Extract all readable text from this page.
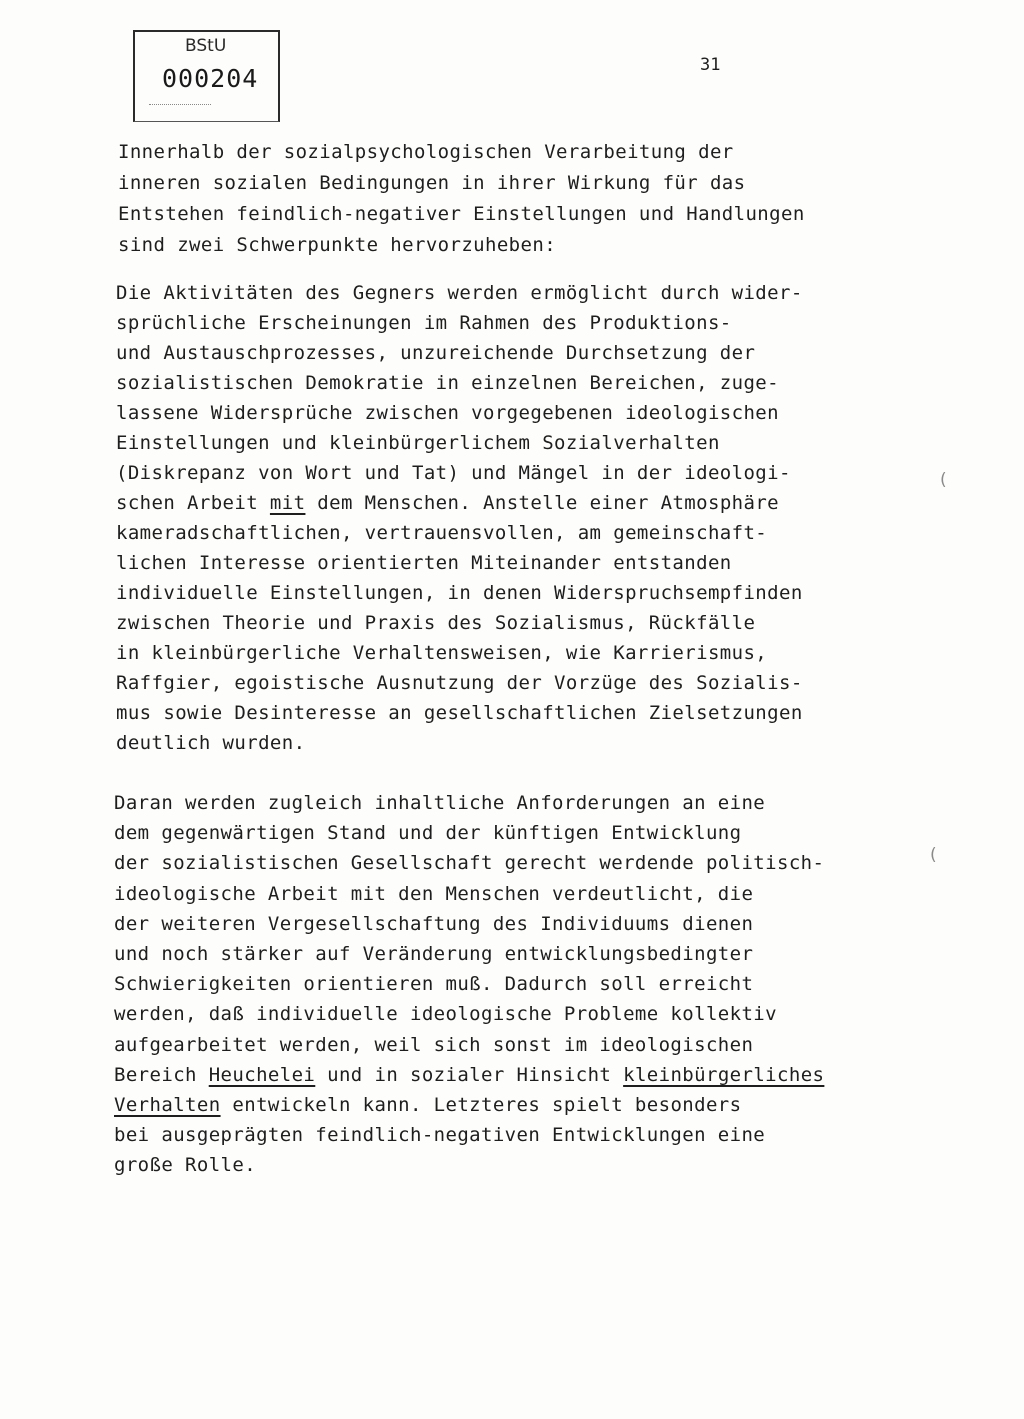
BStU
000204	31
Innerhalb der sozialpsychologischen Verarbeitung der
inneren sozialen Bedingungen in ihrer Wirkung für das
Entstehen feindlich-negativer Einstellungen und Handlungen
sind zwei Schwerpunkte hervorzuheben:
Die Aktivitäten des Gegners werden ermöglicht durch wider-
sprüchliche Erscheinungen im Rahmen des Produktions-
und Austauschprozesses, unzureichende Durchsetzung der
sozialistischen Demokratie in einzelnen Bereichen, zuge-
lassene Widersprüche zwischen vorgegebenen ideologischen
Einstellungen und kleinbürgerlichem Sozialverhalten
(Diskrepanz von Wort und Tat) und Mängel in der ideologi-
schen Arbeit mit dem Menschen. Anstelle einer Atmosphäre
kameradschaftlichen, vertrauensvollen, am gemeinschaft-
lichen Interesse orientierten Miteinander entstanden
individuelle Einstellungen, in denen Widerspruchsempfinden
zwischen Theorie und Praxis des Sozialismus, Rückfälle
in kleinbürgerliche Verhaltensweisen, wie Karrierismus,
Raffgier, egoistische Ausnutzung der Vorzüge des Sozialis-
mus sowie Desinteresse an gesellschaftlichen Zielsetzungen
deutlich wurden.
Daran werden zugleich inhaltliche Anforderungen an eine
dem gegenwärtigen Stand und der künftigen Entwicklung
der sozialistischen Gesellschaft gerecht werdende politisch-
ideologische Arbeit mit den Menschen verdeutlicht, die
der weiteren Vergesellschaftung des Individuums dienen
und noch stärker auf Veränderung entwicklungsbedingter
Schwierigkeiten orientieren muß. Dadurch soll erreicht
werden, daß individuelle ideologische Probleme kollektiv
aufgearbeitet werden, weil sich sonst im ideologischen
Bereich Heuchelei und in sozialer Hinsicht kleinbürgerliches
Verhalten entwickeln kann. Letzteres spielt besonders
bei ausgeprägten feindlich-negativen Entwicklungen eine
große Rolle.
(
(
